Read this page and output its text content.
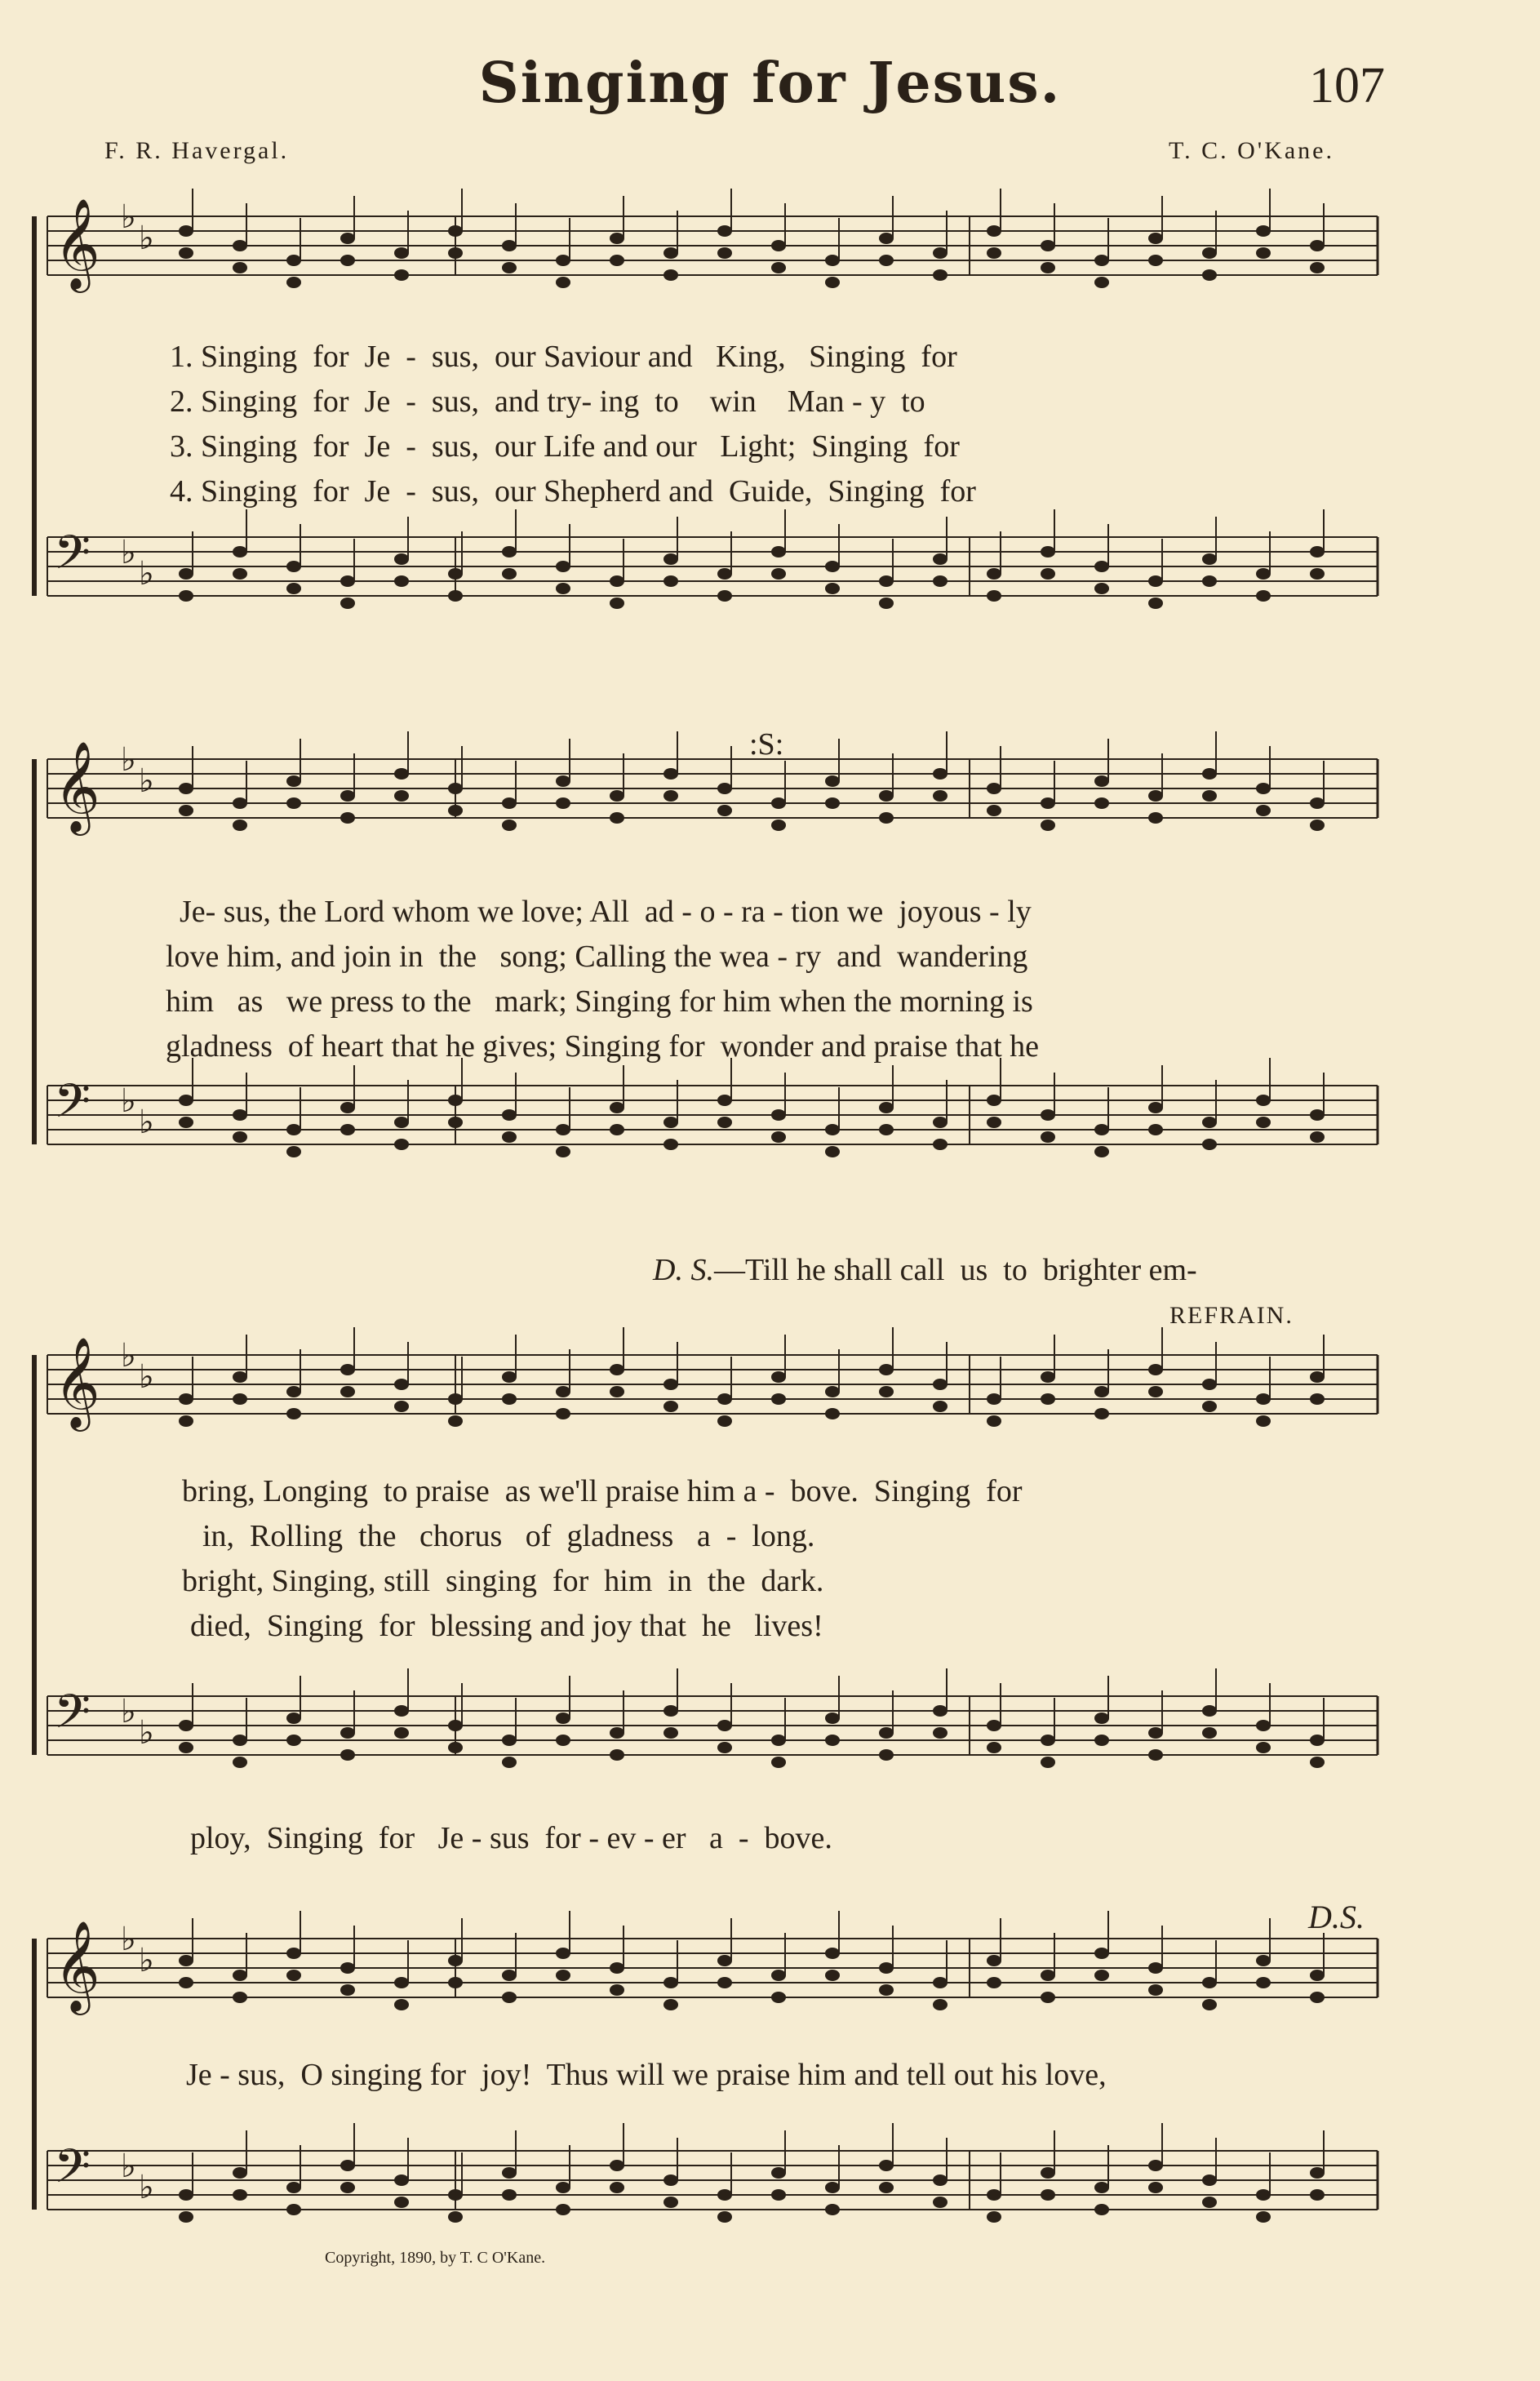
Singing for Jesus.	107
F. R. Havergal.	T. C. O'Kane.
𝄞 ♭
♭
𝄢 ♭
♭
1. Singing  for  Je  -  sus,  our Saviour and   King,   Singing  for
2. Singing  for  Je  -  sus,  and try- ing  to    win    Man - y  to
3. Singing  for  Je  -  sus,  our Life and our   Light;  Singing  for
4. Singing  for  Je  -  sus,  our Shepherd and  Guide,  Singing  for
𝄞 ♭
♭
𝄢 ♭
♭
:S:
Je- sus, the Lord whom we love; All  ad - o - ra - tion we  joyous - ly
love him, and join in  the   song; Calling the wea - ry  and  wandering
him   as   we press to the   mark; Singing for him when the morning is
gladness  of heart that he gives; Singing for  wonder and praise that he

D. S.—Till he shall call  us  to  brighter em-

𝄞 ♭
♭
𝄢 ♭
♭
REFRAIN.
bring, Longing  to praise  as we'll praise him a -  bove.  Singing  for
in,  Rolling  the   chorus   of  gladness   a  -  long.
bright, Singing, still  singing  for  him  in  the  dark.
died,  Singing  for  blessing and joy that  he   lives!
ploy,  Singing  for   Je - sus  for - ev - er   a  -  bove.
𝄞 ♭
♭
𝄢 ♭
♭
D.S.
Je - sus,  O singing for  joy!  Thus will we praise him and tell out his love,
Copyright, 1890, by T. C O'Kane.
